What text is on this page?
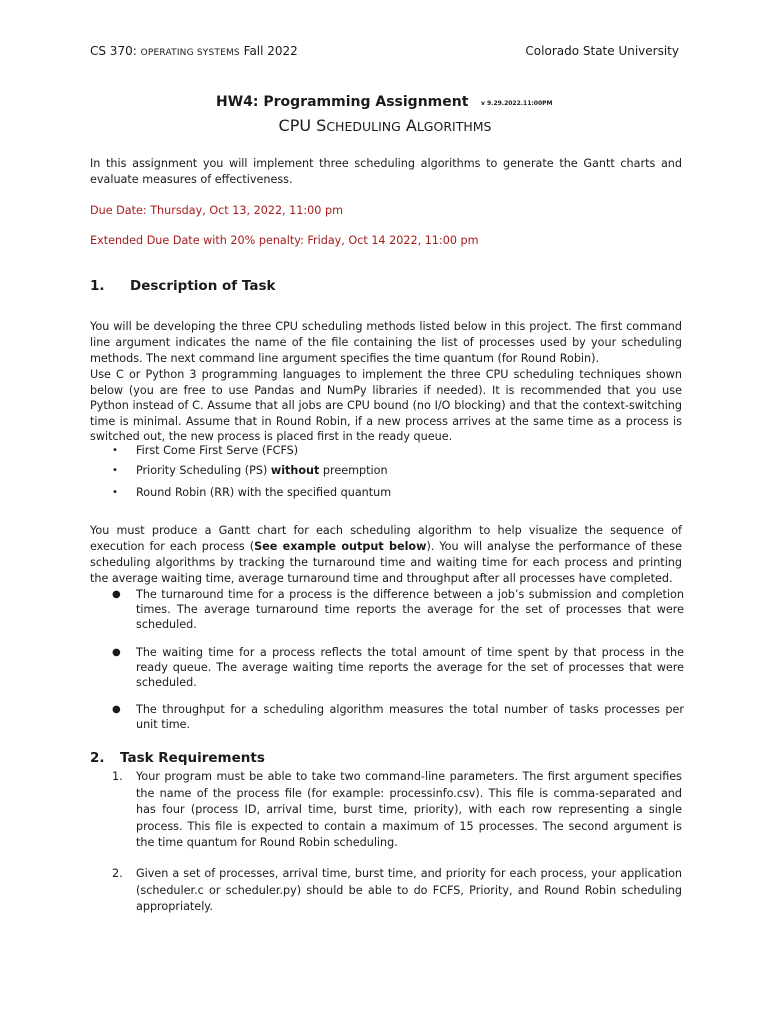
CS 370: OPERATING SYSTEMS Fall 2022	Colorado State University
HW4: Programming Assignment v 9.29.2022.11:00PM
CPU SCHEDULING ALGORITHMS
In this assignment you will implement three scheduling algorithms to generate the Gantt charts and evaluate measures of effectiveness.
Due Date: Thursday, Oct 13, 2022, 11:00 pm
Extended Due Date with 20% penalty: Friday, Oct 14 2022, 11:00 pm
1. Description of Task
You will be developing the three CPU scheduling methods listed below in this project. The first command line argument indicates the name of the file containing the list of processes used by your scheduling methods. The next command line argument specifies the time quantum (for Round Robin).
Use C or Python 3 programming languages to implement the three CPU scheduling techniques shown below (you are free to use Pandas and NumPy libraries if needed). It is recommended that you use Python instead of C. Assume that all jobs are CPU bound (no I/O blocking) and that the context-switching time is minimal. Assume that in Round Robin, if a new process arrives at the same time as a process is switched out, the new process is placed first in the ready queue.
• First Come First Serve (FCFS)
• Priority Scheduling (PS) without preemption
• Round Robin (RR) with the specified quantum
You must produce a Gantt chart for each scheduling algorithm to help visualize the sequence of execution for each process (See example output below). You will analyse the performance of these scheduling algorithms by tracking the turnaround time and waiting time for each process and printing the average waiting time, average turnaround time and throughput after all processes have completed.
● The turnaround time for a process is the difference between a job’s submission and completion times. The average turnaround time reports the average for the set of processes that were scheduled.
● The waiting time for a process reflects the total amount of time spent by that process in the ready queue. The average waiting time reports the average for the set of processes that were scheduled.
● The throughput for a scheduling algorithm measures the total number of tasks processes per unit time.
2. Task Requirements
1. Your program must be able to take two command-line parameters. The first argument specifies the name of the process file (for example: processinfo.csv). This file is comma-separated and has four (process ID, arrival time, burst time, priority), with each row representing a single process. This file is expected to contain a maximum of 15 processes. The second argument is the time quantum for Round Robin scheduling.
2. Given a set of processes, arrival time, burst time, and priority for each process, your application (scheduler.c or scheduler.py) should be able to do FCFS, Priority, and Round Robin scheduling appropriately.
